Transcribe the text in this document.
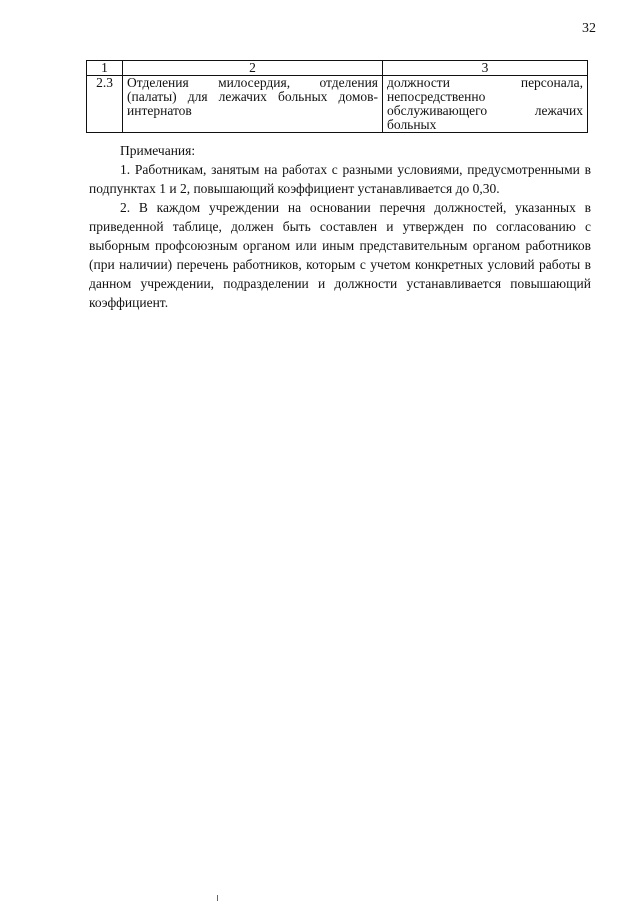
32
1	2	3
2.3	Отделения милосердия, отделения (палаты) для лежачих больных домов-интернатов	должности персонала, непосредственно обслуживающего лежачих больных

Примечания:

1. Работникам, занятым на работах с разными условиями, предусмотренными в подпунктах 1 и 2, повышающий коэффициент устанавливается до 0,30.

2. В каждом учреждении на основании перечня должностей, указанных в приведенной таблице, должен быть составлен и утвержден по согласованию с выборным профсоюзным органом или иным представительным органом работников (при наличии) перечень работников, которым с учетом конкретных условий работы в данном учреждении, подразделении и должности устанавливается повышающий коэффициент.
